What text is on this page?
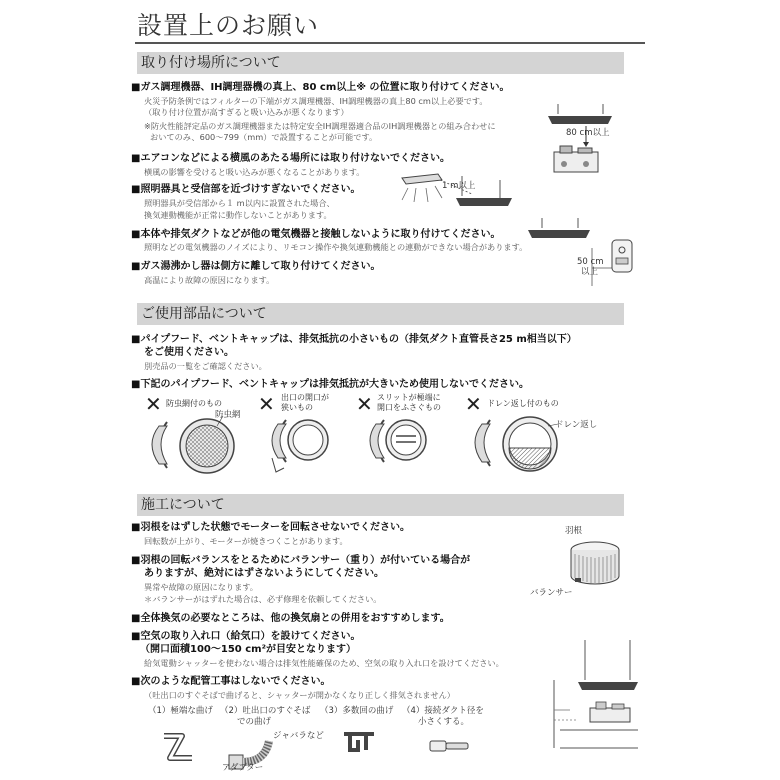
設置上のお願い
取り付け場所について
■ガス調理機器、IH調理器機の真上、80 cm以上※ の位置に取り付けてください。
火災予防条例ではフィルターの下端がガス調理機器、IH調理機器の真上80 cm以上必要です。
（取り付け位置が高すぎると吸い込みが悪くなります）
※防火性能評定品のガス調理機器または特定安全IH調理器適合品のIH調理機器との組み合わせに
おいてのみ、600～799（mm）で設置することが可能です。	80 cm以上
■エアコンなどによる横風のあたる場所には取り付けないでください。
横風の影響を受けると吸い込みが悪くなることがあります。
■照明器具と受信部を近づけすぎないでください。
照明器具が受信部から１ m以内に設置された場合、
換気連動機能が正常に動作しないことがあります。
1 m以上
■本体や排気ダクトなどが他の電気機器と接触しないように取り付けてください。
照明などの電気機器のノイズにより、リモコン操作や換気連動機能との連動ができない場合があります。
50 cm
以上
■ガス湯沸かし器は側方に離して取り付けてください。
高温により故障の原因になります。
ご使用部品について
■パイプフード、ベントキャップは、排気抵抗の小さいもの（排気ダクト直管長さ25 m相当以下）
をご使用ください。
別売品の一覧をご確認ください。
■下記のパイプフード、ベントキャップは排気抵抗が大きいため使用しないでください。
✕ 防虫網付のもの ✕ 出口の開口が
狭いもの ✕ スリットが極端に
開口をふさぐもの ✕ ドレン返し付のもの
防虫網
ドレン返し
施工について
■羽根をはずした状態でモーターを回転させないでください。
回転数が上がり、モーターが焼きつくことがあります。
■羽根の回転バランスをとるためにバランサー（重り）が付いている場合が
ありますが、絶対にはずさないようにしてください。
異常や故障の原因になります。
＊バランサーがはずれた場合は、必ず修理を依頼してください。
羽根
バランサー
■全体換気の必要なところは、他の換気扇との併用をおすすめします。
■空気の取り入れ口（給気口）を設けてください。
（開口面積100～150 cm²が目安となります）
給気電動シャッターを使わない場合は排気性能確保のため、空気の取り入れ口を設けてください。
■次のような配管工事はしないでください。
（吐出口のすぐそばで曲げると、シャッターが開かなくなり正しく排気されません）
（1）極端な曲げ （2）吐出口のすぐそば
での曲げ
（3）多数回の曲げ （4）接続ダクト径を
小さくする。
ジャバラなど
アダプター
